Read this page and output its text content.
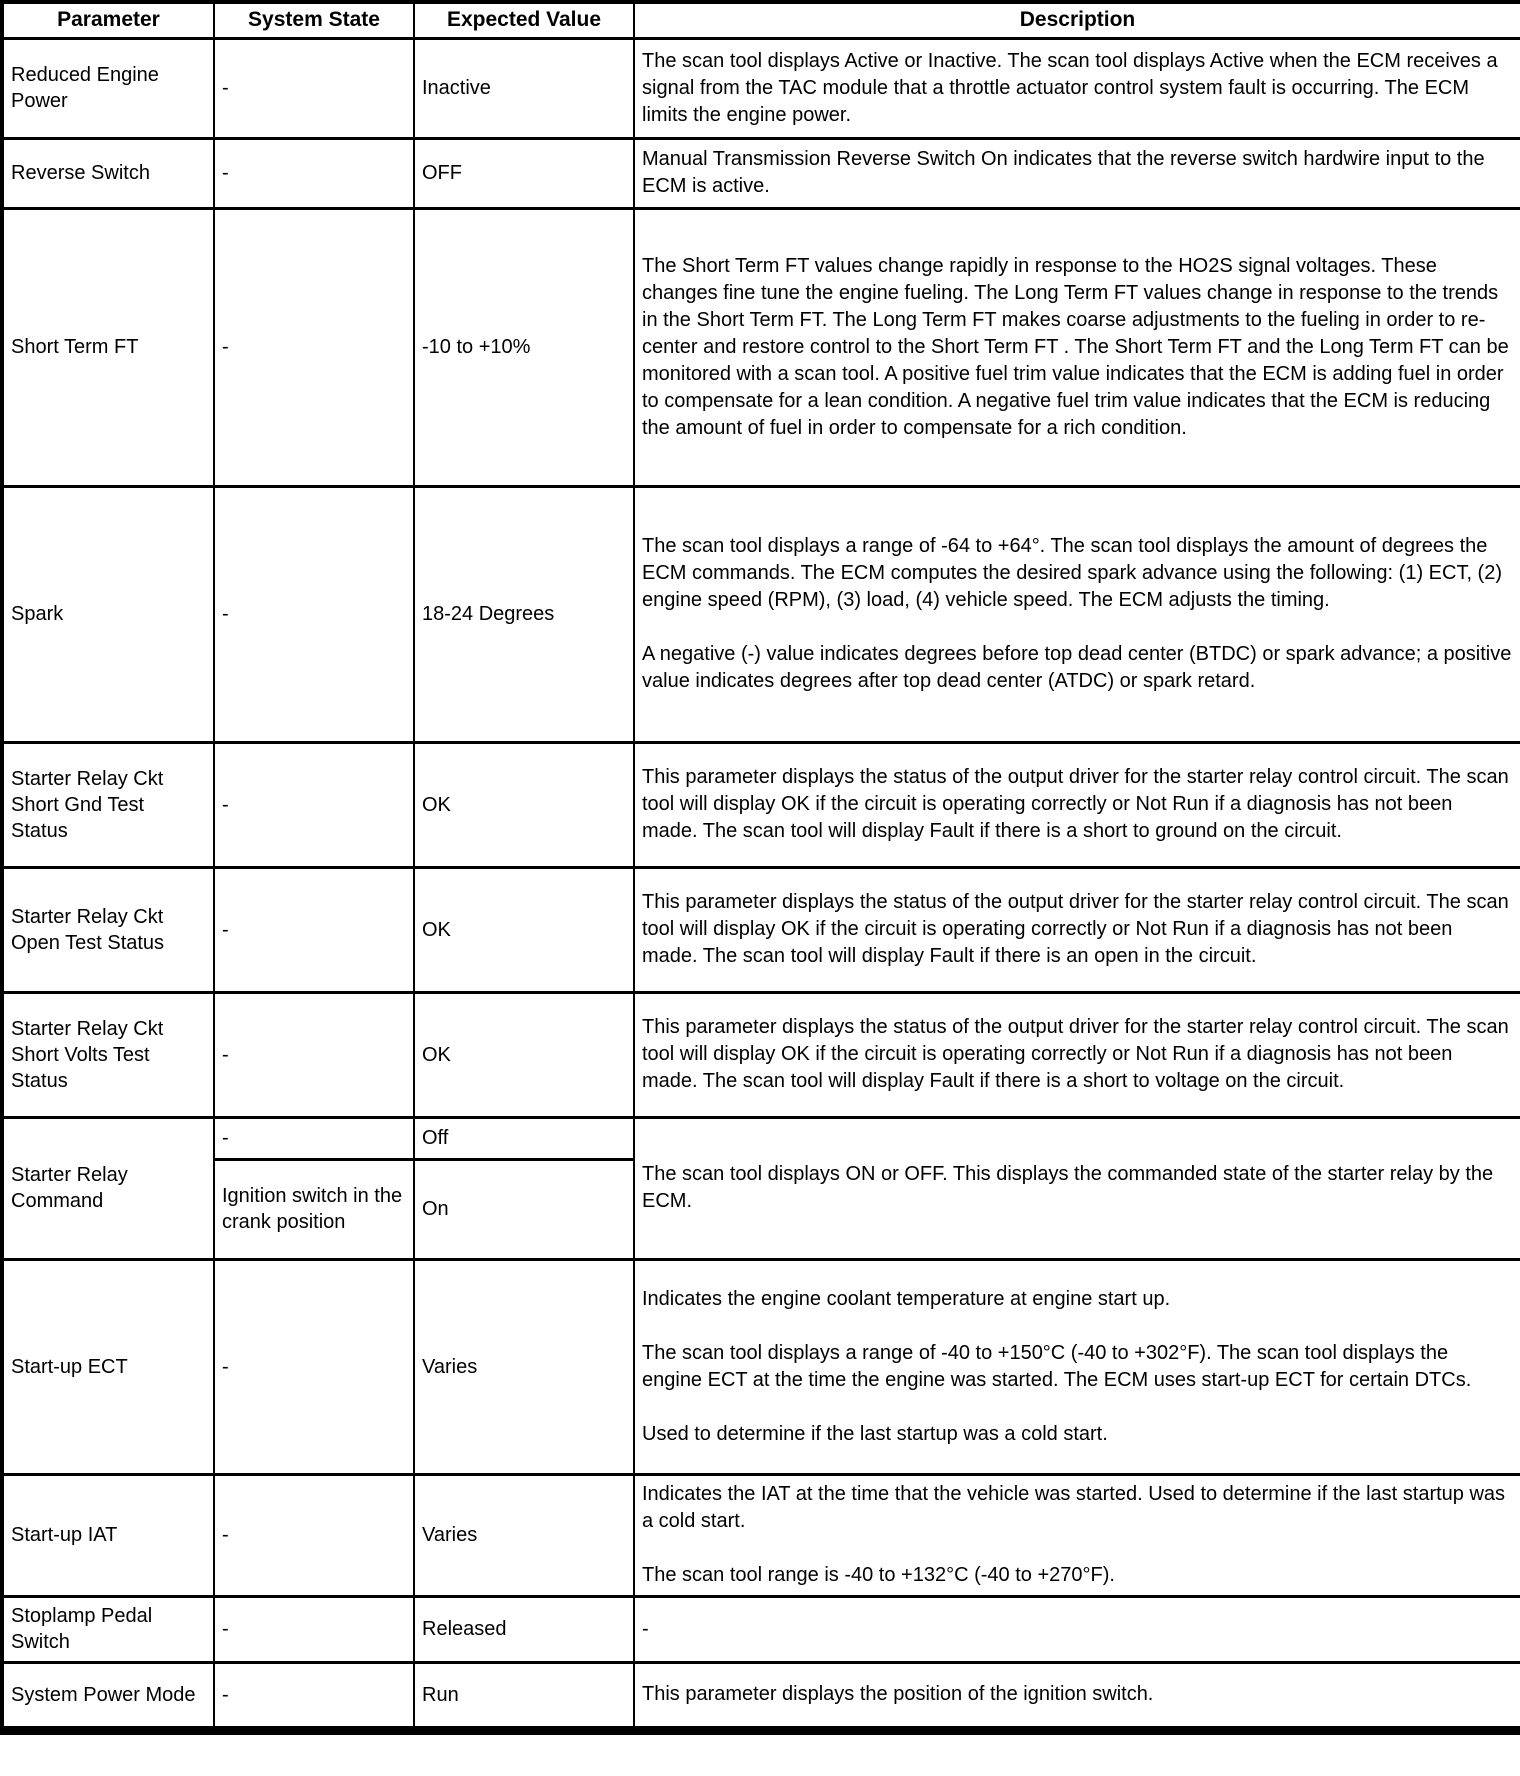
Parameter	System State	Expected Value	Description
Reduced Engine Power	-	Inactive	The scan tool displays Active or Inactive. The scan tool displays Active when the ECM receives a signal from the TAC module that a throttle actuator control system fault is occurring. The ECM limits the engine power.

Reverse Switch	-	OFF	Manual Transmission Reverse Switch On indicates that the reverse switch hardwire input to the ECM is active.

Short Term FT	-	-10 to +10%	The Short Term FT values change rapidly in response to the HO2S signal voltages. These changes fine tune the engine fueling. The Long Term FT values change in response to the trends in the Short Term FT. The Long Term FT makes coarse adjustments to the fueling in order to re-center and restore control to the Short Term FT . The Short Term FT and the Long Term FT can be monitored with a scan tool. A positive fuel trim value indicates that the ECM is adding fuel in order to compensate for a lean condition. A negative fuel trim value indicates that the ECM is reducing the amount of fuel in order to compensate for a rich condition.

Spark	-	18-24 Degrees	The scan tool displays a range of -64 to +64°. The scan tool displays the amount of degrees the ECM commands. The ECM computes the desired spark advance using the following: (1) ECT, (2) engine speed (RPM), (3) load, (4) vehicle speed. The ECM adjusts the timing.

A negative (-) value indicates degrees before top dead center (BTDC) or spark advance; a positive value indicates degrees after top dead center (ATDC) or spark retard.

Starter Relay Ckt Short Gnd Test Status	-	OK	This parameter displays the status of the output driver for the starter relay control circuit. The scan tool will display OK if the circuit is operating correctly or Not Run if a diagnosis has not been made. The scan tool will display Fault if there is a short to ground on the circuit.

Starter Relay Ckt Open Test Status	-	OK	This parameter displays the status of the output driver for the starter relay control circuit. The scan tool will display OK if the circuit is operating correctly or Not Run if a diagnosis has not been made. The scan tool will display Fault if there is an open in the circuit.

Starter Relay Ckt Short Volts Test Status	-	OK	This parameter displays the status of the output driver for the starter relay control circuit. The scan tool will display OK if the circuit is operating correctly or Not Run if a diagnosis has not been made. The scan tool will display Fault if there is a short to voltage on the circuit.

Starter Relay Command	-	Off	The scan tool displays ON or OFF. This displays the commanded state of the starter relay by the ECM.

	Ignition switch in the crank position	On	
Start-up ECT	-	Varies	Indicates the engine coolant temperature at engine start up.

The scan tool displays a range of -40 to +150°C (-40 to +302°F). The scan tool displays the engine ECT at the time the engine was started. The ECM uses start-up ECT for certain DTCs.

Used to determine if the last startup was a cold start.

Start-up IAT	-	Varies	Indicates the IAT at the time that the vehicle was started. Used to determine if the last startup was a cold start.

The scan tool range is -40 to +132°C (-40 to +270°F).

Stoplamp Pedal Switch	-	Released	-

System Power Mode	-	Run	This parameter displays the position of the ignition switch.
